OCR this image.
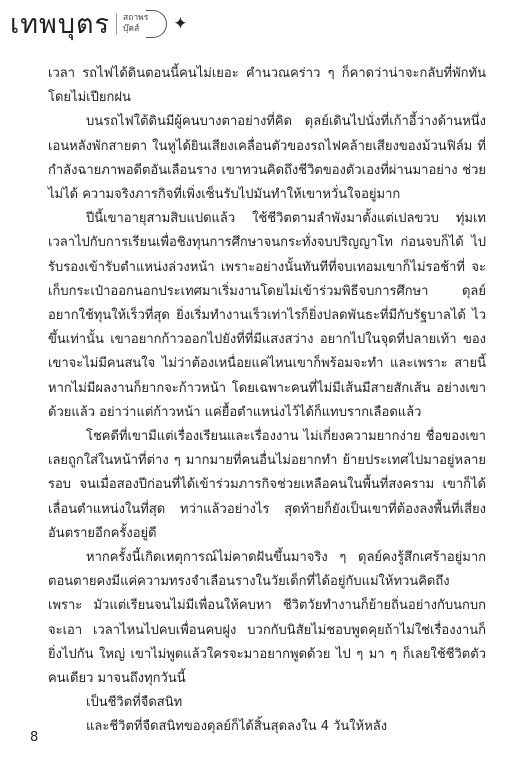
เทพบุตร สถาพร
บุ๊คส์	✦

เวลา รถไฟได้ดินตอนนี้คนไม่เยอะ คำนวณคร่าว ๆ ก็คาดว่าน่าจะกลับที่พักทัน โดยไม่เปียกฝน

บนรถไฟใต้ดินมีผู้คนบางตาอย่างที่คิด ดุลย์เดินไปนั่งที่เก้าอี้ว่างด้านหนึ่ง เอนหลังพักสายตา ในหูได้ยินเสียงเคลื่อนตัวของรถไฟคล้ายเสียงของม้วนฟิล์ม ที่กำลังฉายภาพอดีตอันเลือนราง เขาทวนคิดถึงชีวิตของตัวเองที่ผ่านมาอย่าง ช่วยไม่ได้ ความจริงภารกิจที่เพิ่งเซ็นรับไปมันทำให้เขาหวั่นใจอยู่มาก

ปีนี้เขาอายุสามสิบแปดแล้ว ใช้ชีวิตตามลำพังมาตั้งแต่เปลขวบ ทุ่มเท เวลาไปกับการเรียนเพื่อชิงทุนการศึกษาจนกระทั่งจบปริญญาโท ก่อนจบก็ได้ ไปรับรองเข้ารับตำแหน่งล่วงหน้า เพราะอย่างนั้นทันทีที่จบเทอมเขาก็ไม่รอช้าที่ จะเก็บกระเป๋าออกนอกประเทศมาเริ่มงานโดยไม่เข้าร่วมพิธีจบการศึกษา ดุลย์ อยากใช้ทุนให้เร็วที่สุด ยิ่งเริ่มทำงานเร็วเท่าไรก็ยิ่งปลดพันธะที่มีกับรัฐบาลได้ ไวขึ้นเท่านั้น เขาอยากก้าวออกไปยังที่ที่มีแสงสว่าง อยากไปในจุดที่ปลายเท้า ของเขาจะไม่มีคนสนใจ ไม่ว่าต้องเหนื่อยแค่ไหนเขาก็พร้อมจะทำ และเพราะ สายนี้หากไม่มีผลงานก็ยากจะก้าวหน้า โดยเฉพาะคนที่ไม่มีเส้นมีสายสักเส้น อย่างเขาด้วยแล้ว อย่าว่าแต่ก้าวหน้า แค่ยื้อตำแหน่งไว้ได้ก็แทบรากเลือดแล้ว

โชคดีที่เขามีแต่เรื่องเรียนและเรื่องงาน ไม่เกี่ยงความยากง่าย ชื่อของเขา เลยถูกใส่ในหน้าที่ต่าง ๆ มากมายที่คนอื่นไม่อยากทำ ย้ายประเทศไปมาอยู่หลาย รอบ จนเมื่อสองปีก่อนที่ได้เข้าร่วมภารกิจช่วยเหลือคนในพื้นที่สงคราม เขาก็ได้ เลื่อนตำแหน่งในที่สุด ทว่าแล้วอย่างไร สุดท้ายก็ยังเป็นเขาที่ต้องลงพื้นที่เสี่ยง อันตรายอีกครั้งอยู่ดี

หากครั้งนี้เกิดเหตุการณ์ไม่คาดฝันขึ้นมาจริง ๆ ดุลย์คงรู้สึกเศร้าอยู่มาก ตอนตายคงมีแค่ความทรงจำเลือนรางในวัยเด็กที่ได้อยู่กับแม่ให้ทวนคิดถึง เพราะ มัวแต่เรียนจนไม่มีเพื่อนให้คบหา ชีวิตวัยทำงานก็ย้ายถิ่นอย่างกับนกบก จะเอา เวลาไหนไปคบเพื่อนคบฝูง บวกกับนิสัยไม่ชอบพูดคุยถ้าไม่ใช่เรื่องงานก็ยิ่งไปกัน ใหญ่ เขาไม่พูดแล้วใครจะมาอยากพูดด้วย ไป ๆ มา ๆ ก็เลยใช้ชีวิตตัวคนเดียว มาจนถึงทุกวันนี้

เป็นชีวิตที่จืดสนิท

และชีวิตที่จืดสนิทของดุลย์ก็ได้สิ้นสุดลงใน 4 วันให้หลัง

8
